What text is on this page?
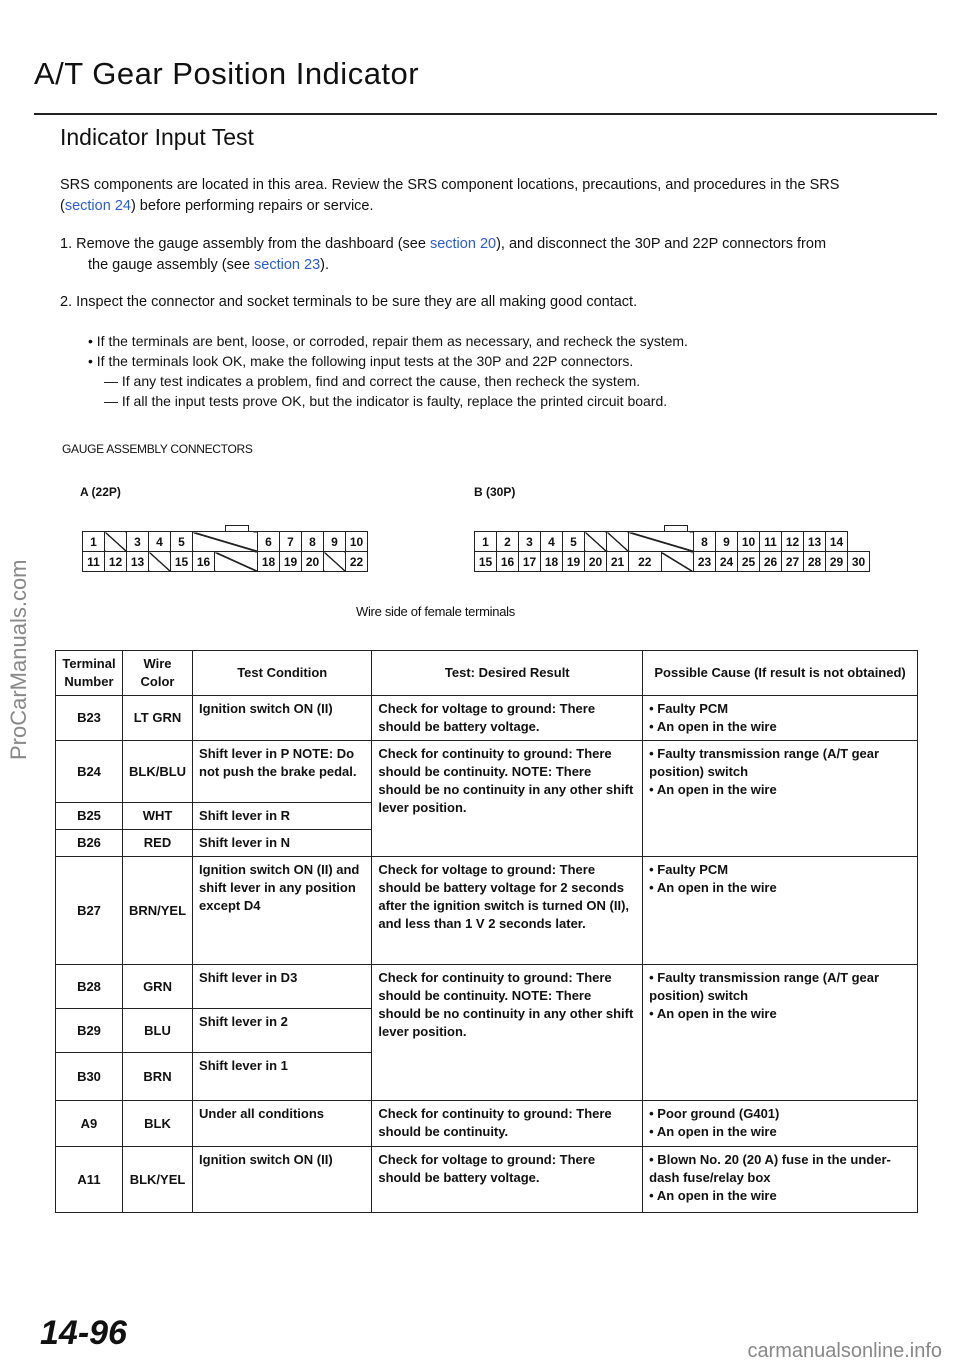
A/T Gear Position Indicator
Indicator Input Test
SRS components are located in this area. Review the SRS component locations, precautions, and procedures in the SRS
(section 24) before performing repairs or service.
1. Remove the gauge assembly from the dashboard (see section 20), and disconnect the 30P and 22P connectors from
the gauge assembly (see section 23).
2. Inspect the connector and socket terminals to be sure they are all making good contact.
• If the terminals are bent, loose, or corroded, repair them as necessary, and recheck the system.
• If the terminals look OK, make the following input tests at the 30P and 22P connectors.
— If any test indicates a problem, find and correct the cause, then recheck the system.
— If all the input tests prove OK, but the indicator is faulty, replace the printed circuit board.
GAUGE ASSEMBLY CONNECTORS
A (22P)	B (30P)
1		3	4	5			6	7	8	9	10
11	12	13		15	16		18	19	20		22
1	2	3	4	5					8	9	10	11	12	13	14	
15	16	17	18	19	20	21	22		23	24	25	26	27	28	29	30
Wire side of female terminals
Terminal Number	Wire Color	Test Condition	Test: Desired Result	Possible Cause (If result is not obtained)
B23	LT GRN	Ignition switch ON (II)	Check for voltage to ground: There should be battery voltage.	• Faulty PCM
• An open in the wire
B24	BLK/BLU	Shift lever in P NOTE: Do not push the brake pedal.	Check for continuity to ground: There should be continuity. NOTE: There should be no continuity in any other shift lever position.	• Faulty transmission range (A/T gear position) switch
• An open in the wire
B25	WHT	Shift lever in R		
B26	RED	Shift lever in N		
B27	BRN/YEL	Ignition switch ON (II) and shift lever in any position except D4	Check for voltage to ground: There should be battery voltage for 2 seconds after the ignition switch is turned ON (II), and less than 1 V 2 seconds later.	• Faulty PCM
• An open in the wire
B28	GRN	Shift lever in D3	Check for continuity to ground: There should be continuity. NOTE: There should be no continuity in any other shift lever position.	• Faulty transmission range (A/T gear position) switch
• An open in the wire
B29	BLU	Shift lever in 2		
B30	BRN	Shift lever in 1		
A9	BLK	Under all conditions	Check for continuity to ground: There should be continuity.	• Poor ground (G401)
• An open in the wire
A11	BLK/YEL	Ignition switch ON (II)	Check for voltage to ground: There should be battery voltage.	• Blown No. 20 (20 A) fuse in the under-dash fuse/relay box
• An open in the wire
14-96
ProCarManuals.com
carmanualsonline.info
